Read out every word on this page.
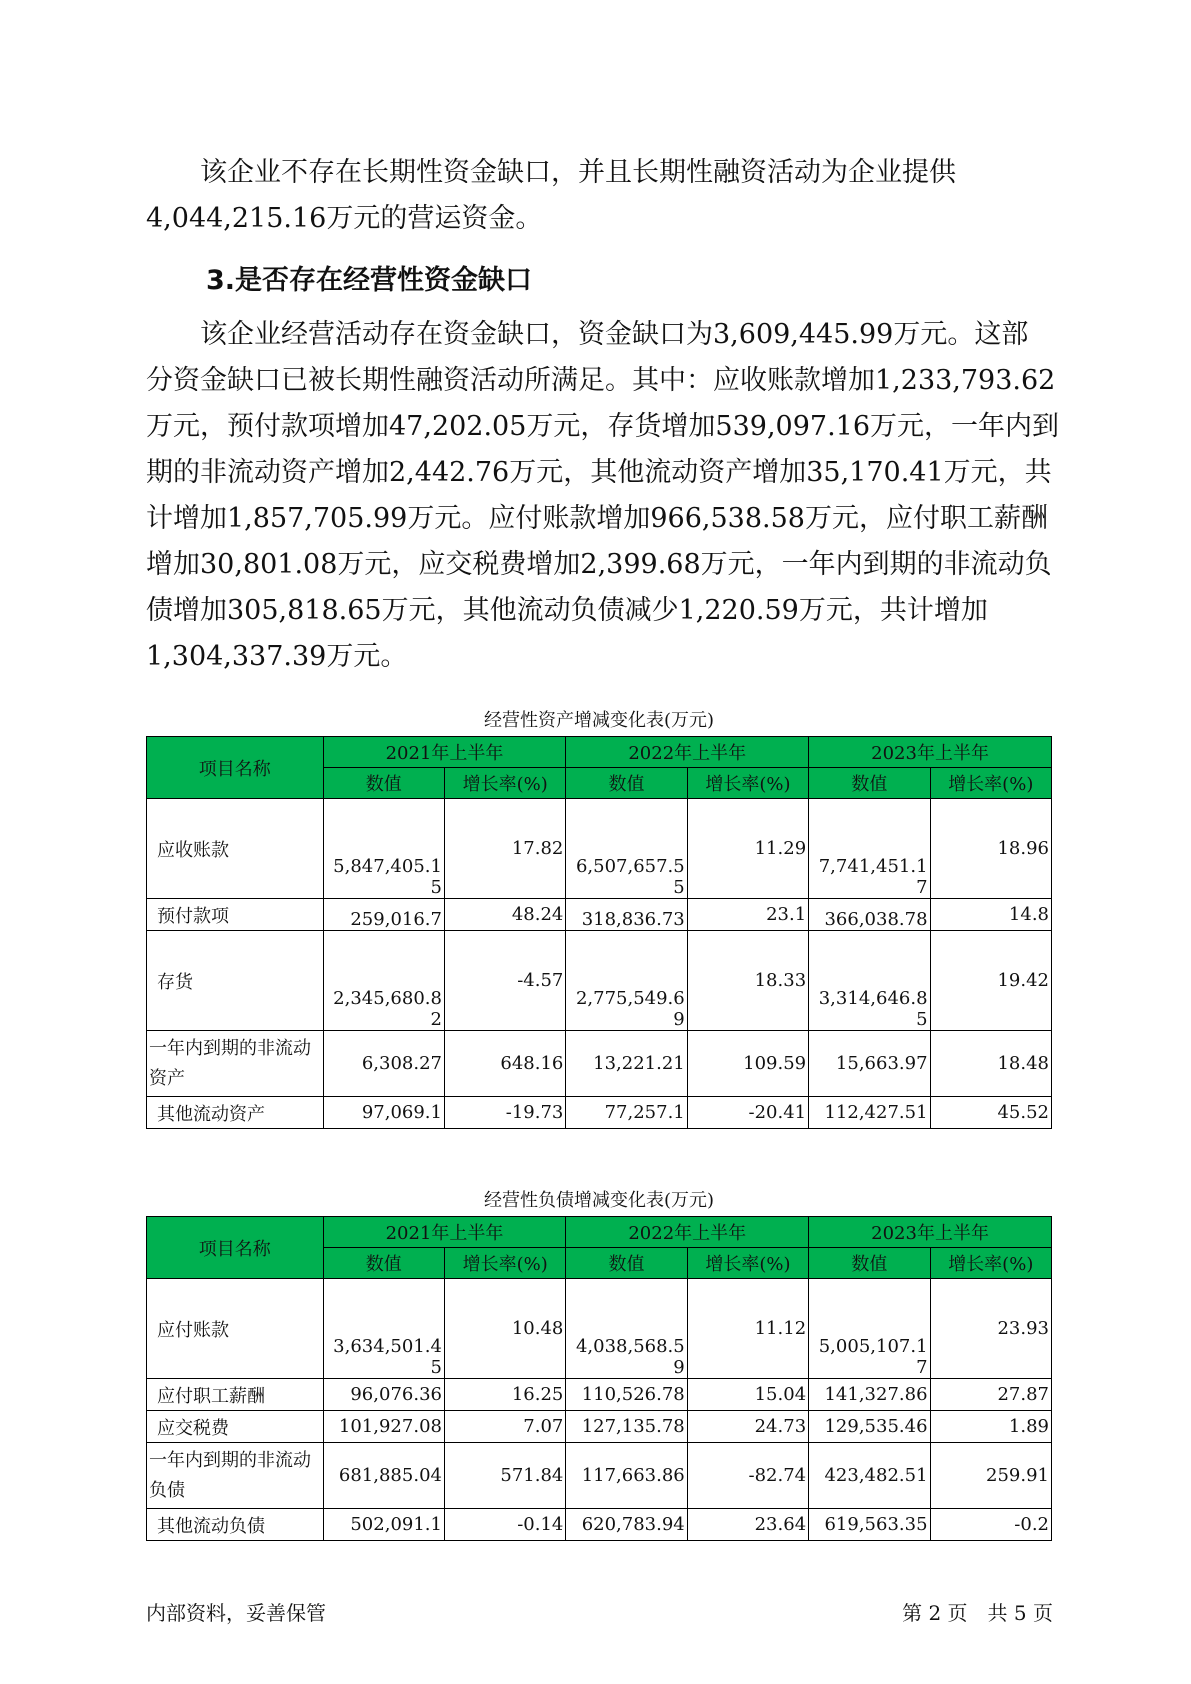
　　该企业不存在长期性资金缺口，并且长期性融资活动为企业提供
4,044,215.16万元的营运资金。
3.是否存在经营性资金缺口
　　该企业经营活动存在资金缺口，资金缺口为3,609,445.99万元。这部
分资金缺口已被长期性融资活动所满足。其中：应收账款增加1,233,793.62
万元，预付款项增加47,202.05万元，存货增加539,097.16万元，一年内到
期的非流动资产增加2,442.76万元，其他流动资产增加35,170.41万元，共
计增加1,857,705.99万元。应付账款增加966,538.58万元，应付职工薪酬
增加30,801.08万元，应交税费增加2,399.68万元，一年内到期的非流动负
债增加305,818.65万元，其他流动负债减少1,220.59万元，共计增加
1,304,337.39万元。
经营性资产增减变化表(万元)
项目名称	2021年上半年		2022年上半年		2023年上半年	
	数值	增长率(%)	数值	增长率(%)	数值	增长率(%)
应收账款	5,847,405.15	17.82	6,507,657.55	11.29	7,741,451.17	18.96
预付款项	259,016.7	48.24	318,836.73	23.1	366,038.78	14.8
存货	2,345,680.82	-4.57	2,775,549.69	18.33	3,314,646.85	19.42
一年内到期的非流动资产	6,308.27	648.16	13,221.21	109.59	15,663.97	18.48
其他流动资产	97,069.1	-19.73	77,257.1	-20.41	112,427.51	45.52
经营性负债增减变化表(万元)
项目名称	2021年上半年		2022年上半年		2023年上半年	
	数值	增长率(%)	数值	增长率(%)	数值	增长率(%)
应付账款	3,634,501.45	10.48	4,038,568.59	11.12	5,005,107.17	23.93
应付职工薪酬	96,076.36	16.25	110,526.78	15.04	141,327.86	27.87
应交税费	101,927.08	7.07	127,135.78	24.73	129,535.46	1.89
一年内到期的非流动负债	681,885.04	571.84	117,663.86	-82.74	423,482.51	259.91
其他流动负债	502,091.1	-0.14	620,783.94	23.64	619,563.35	-0.2
内部资料，妥善保管	第 2 页　共 5 页
